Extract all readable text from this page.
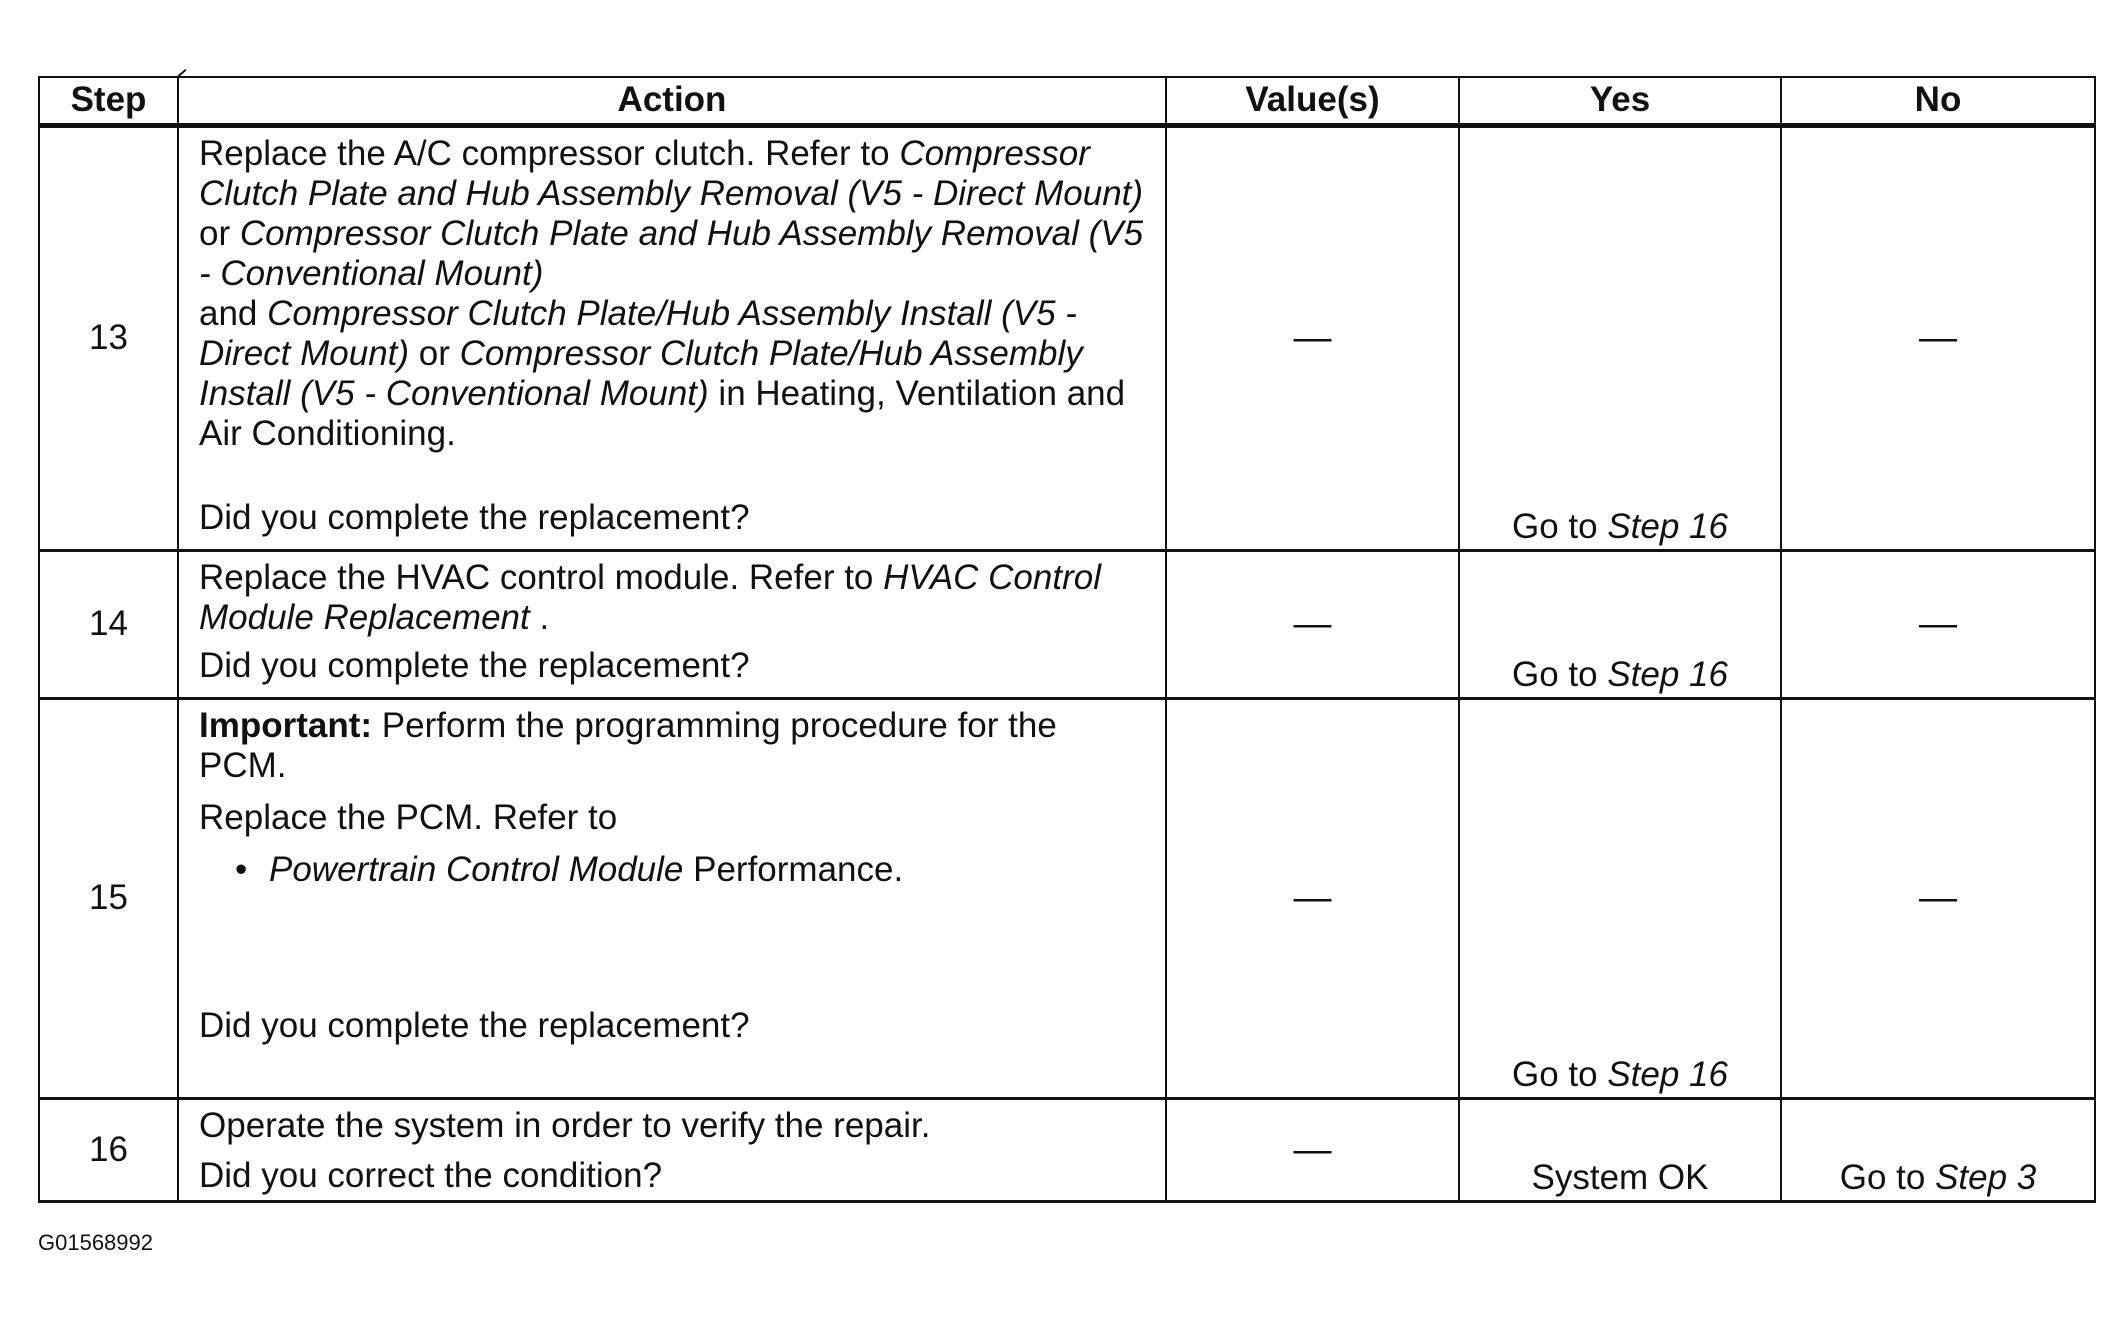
Step	Action	Value(s)	Yes	No
13	Replace the A/C compressor clutch. Refer to Compressor Clutch Plate and Hub Assembly Removal (V5 - Direct Mount) or Compressor Clutch Plate and Hub Assembly Removal (V5 - Conventional Mount)
and Compressor Clutch Plate/Hub Assembly Install (V5 - Direct Mount) or Compressor Clutch Plate/Hub Assembly Install (V5 - Conventional Mount) in Heating, Ventilation and Air Conditioning.

Did you complete the replacement?	—	Go to Step 16	—
14	Replace the HVAC control module. Refer to HVAC Control Module Replacement .

Did you complete the replacement?	—	Go to Step 16	—
15	Important: Perform the programming procedure for the PCM.

Replace the PCM. Refer to

• Powertrain Control Module Performance.

Did you complete the replacement?	—	Go to Step 16	—
16	Operate the system in order to verify the repair.

Did you correct the condition?	—	System OK	Go to Step 3
G01568992
